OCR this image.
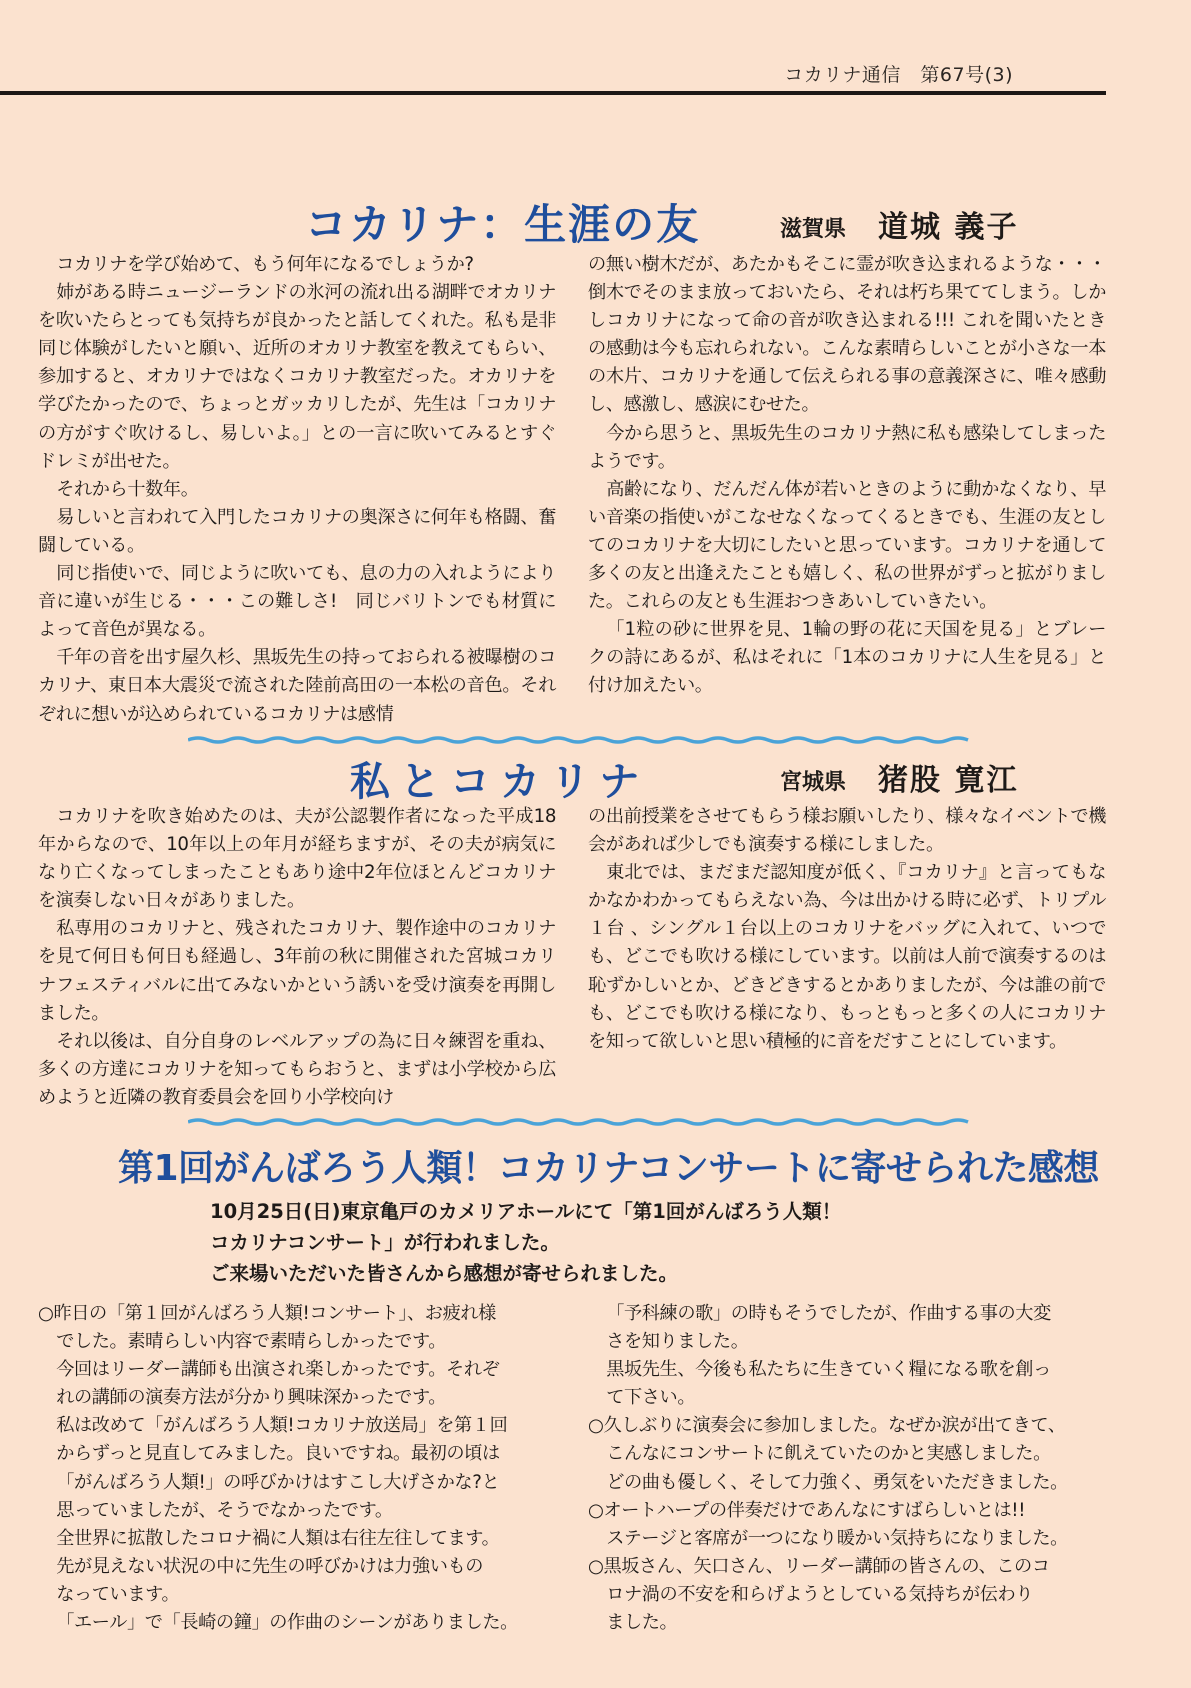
コカリナ通信　第67号(3)
コカリナ：生涯の友	滋賀県 道城 義子

コカリナを学び始めて、もう何年になるでしょうか?

姉がある時ニュージーランドの氷河の流れ出る湖畔でオカリナを吹いたらとっても気持ちが良かったと話してくれた。私も是非同じ体験がしたいと願い、近所のオカリナ教室を教えてもらい、参加すると、オカリナではなくコカリナ教室だった。オカリナを学びたかったので、ちょっとガッカリしたが、先生は「コカリナの方がすぐ吹けるし、易しいよ。」との一言に吹いてみるとすぐドレミが出せた。

それから十数年。

易しいと言われて入門したコカリナの奥深さに何年も格闘、奮闘している。

同じ指使いで、同じように吹いても、息の力の入れようにより音に違いが生じる・・・この難しさ!　同じバリトンでも材質によって音色が異なる。

千年の音を出す屋久杉、黒坂先生の持っておられる被曝樹のコカリナ、東日本大震災で流された陸前高田の一本松の音色。それぞれに想いが込められているコカリナは感情

の無い樹木だが、あたかもそこに霊が吹き込まれるような・・・倒木でそのまま放っておいたら、それは朽ち果ててしまう。しかしコカリナになって命の音が吹き込まれる!!! これを聞いたときの感動は今も忘れられない。こんな素晴らしいことが小さな一本の木片、コカリナを通して伝えられる事の意義深さに、唯々感動し、感激し、感涙にむせた。

今から思うと、黒坂先生のコカリナ熱に私も感染してしまったようです。

高齢になり、だんだん体が若いときのように動かなくなり、早い音楽の指使いがこなせなくなってくるときでも、生涯の友としてのコカリナを大切にしたいと思っています。コカリナを通して多くの友と出逢えたことも嬉しく、私の世界がずっと拡がりました。これらの友とも生涯おつきあいしていきたい。

「1粒の砂に世界を見、1輪の野の花に天国を見る」とブレークの詩にあるが、私はそれに「1本のコカリナに人生を見る」と付け加えたい。

私とコカリナ	宮城県 猪股 寛江

コカリナを吹き始めたのは、夫が公認製作者になった平成18年からなので、10年以上の年月が経ちますが、その夫が病気になり亡くなってしまったこともあり途中2年位ほとんどコカリナを演奏しない日々がありました。

私専用のコカリナと、残されたコカリナ、製作途中のコカリナを見て何日も何日も経過し、3年前の秋に開催された宮城コカリナフェスティバルに出てみないかという誘いを受け演奏を再開しました。

それ以後は、自分自身のレベルアップの為に日々練習を重ね、多くの方達にコカリナを知ってもらおうと、まずは小学校から広めようと近隣の教育委員会を回り小学校向け

の出前授業をさせてもらう様お願いしたり、様々なイベントで機会があれば少しでも演奏する様にしました。

東北では、まだまだ認知度が低く、『コカリナ』と言ってもなかなかわかってもらえない為、今は出かける時に必ず、トリプル１台 、シングル１台以上のコカリナをバッグに入れて、いつでも、どこでも吹ける様にしています。以前は人前で演奏するのは恥ずかしいとか、どきどきするとかありましたが、今は誰の前でも、どこでも吹ける様になり、もっともっと多くの人にコカリナを知って欲しいと思い積極的に音をだすことにしています。

第1回がんばろう人類！コカリナコンサートに寄せられた感想
10月25日(日)東京亀戸のカメリアホールにて「第1回がんばろう人類！
コカリナコンサート」が行われました。
ご来場いただいた皆さんから感想が寄せられました。
○昨日の「第１回がんばろう人類!コンサート」、お疲れ様
でした。素晴らしい内容で素晴らしかったです。
今回はリーダー講師も出演され楽しかったです。それぞ
れの講師の演奏方法が分かり興味深かったです。
私は改めて「がんばろう人類!コカリナ放送局」を第１回
からずっと見直してみました。良いですね。最初の頃は
「がんばろう人類!」の呼びかけはすこし大げさかな?と
思っていましたが、そうでなかったです。
全世界に拡散したコロナ禍に人類は右往左往してます。
先が見えない状況の中に先生の呼びかけは力強いもの
なっています。
「エール」で「長崎の鐘」の作曲のシーンがありました。
「予科練の歌」の時もそうでしたが、作曲する事の大変
さを知りました。
黒坂先生、今後も私たちに生きていく糧になる歌を創っ
て下さい。
○久しぶりに演奏会に参加しました。なぜか涙が出てきて、
こんなにコンサートに飢えていたのかと実感しました。
どの曲も優しく、そして力強く、勇気をいただきました。
○オートハープの伴奏だけであんなにすばらしいとは!!
ステージと客席が一つになり暖かい気持ちになりました。
○黒坂さん、矢口さん、リーダー講師の皆さんの、このコ
ロナ渦の不安を和らげようとしている気持ちが伝わり
ました。
